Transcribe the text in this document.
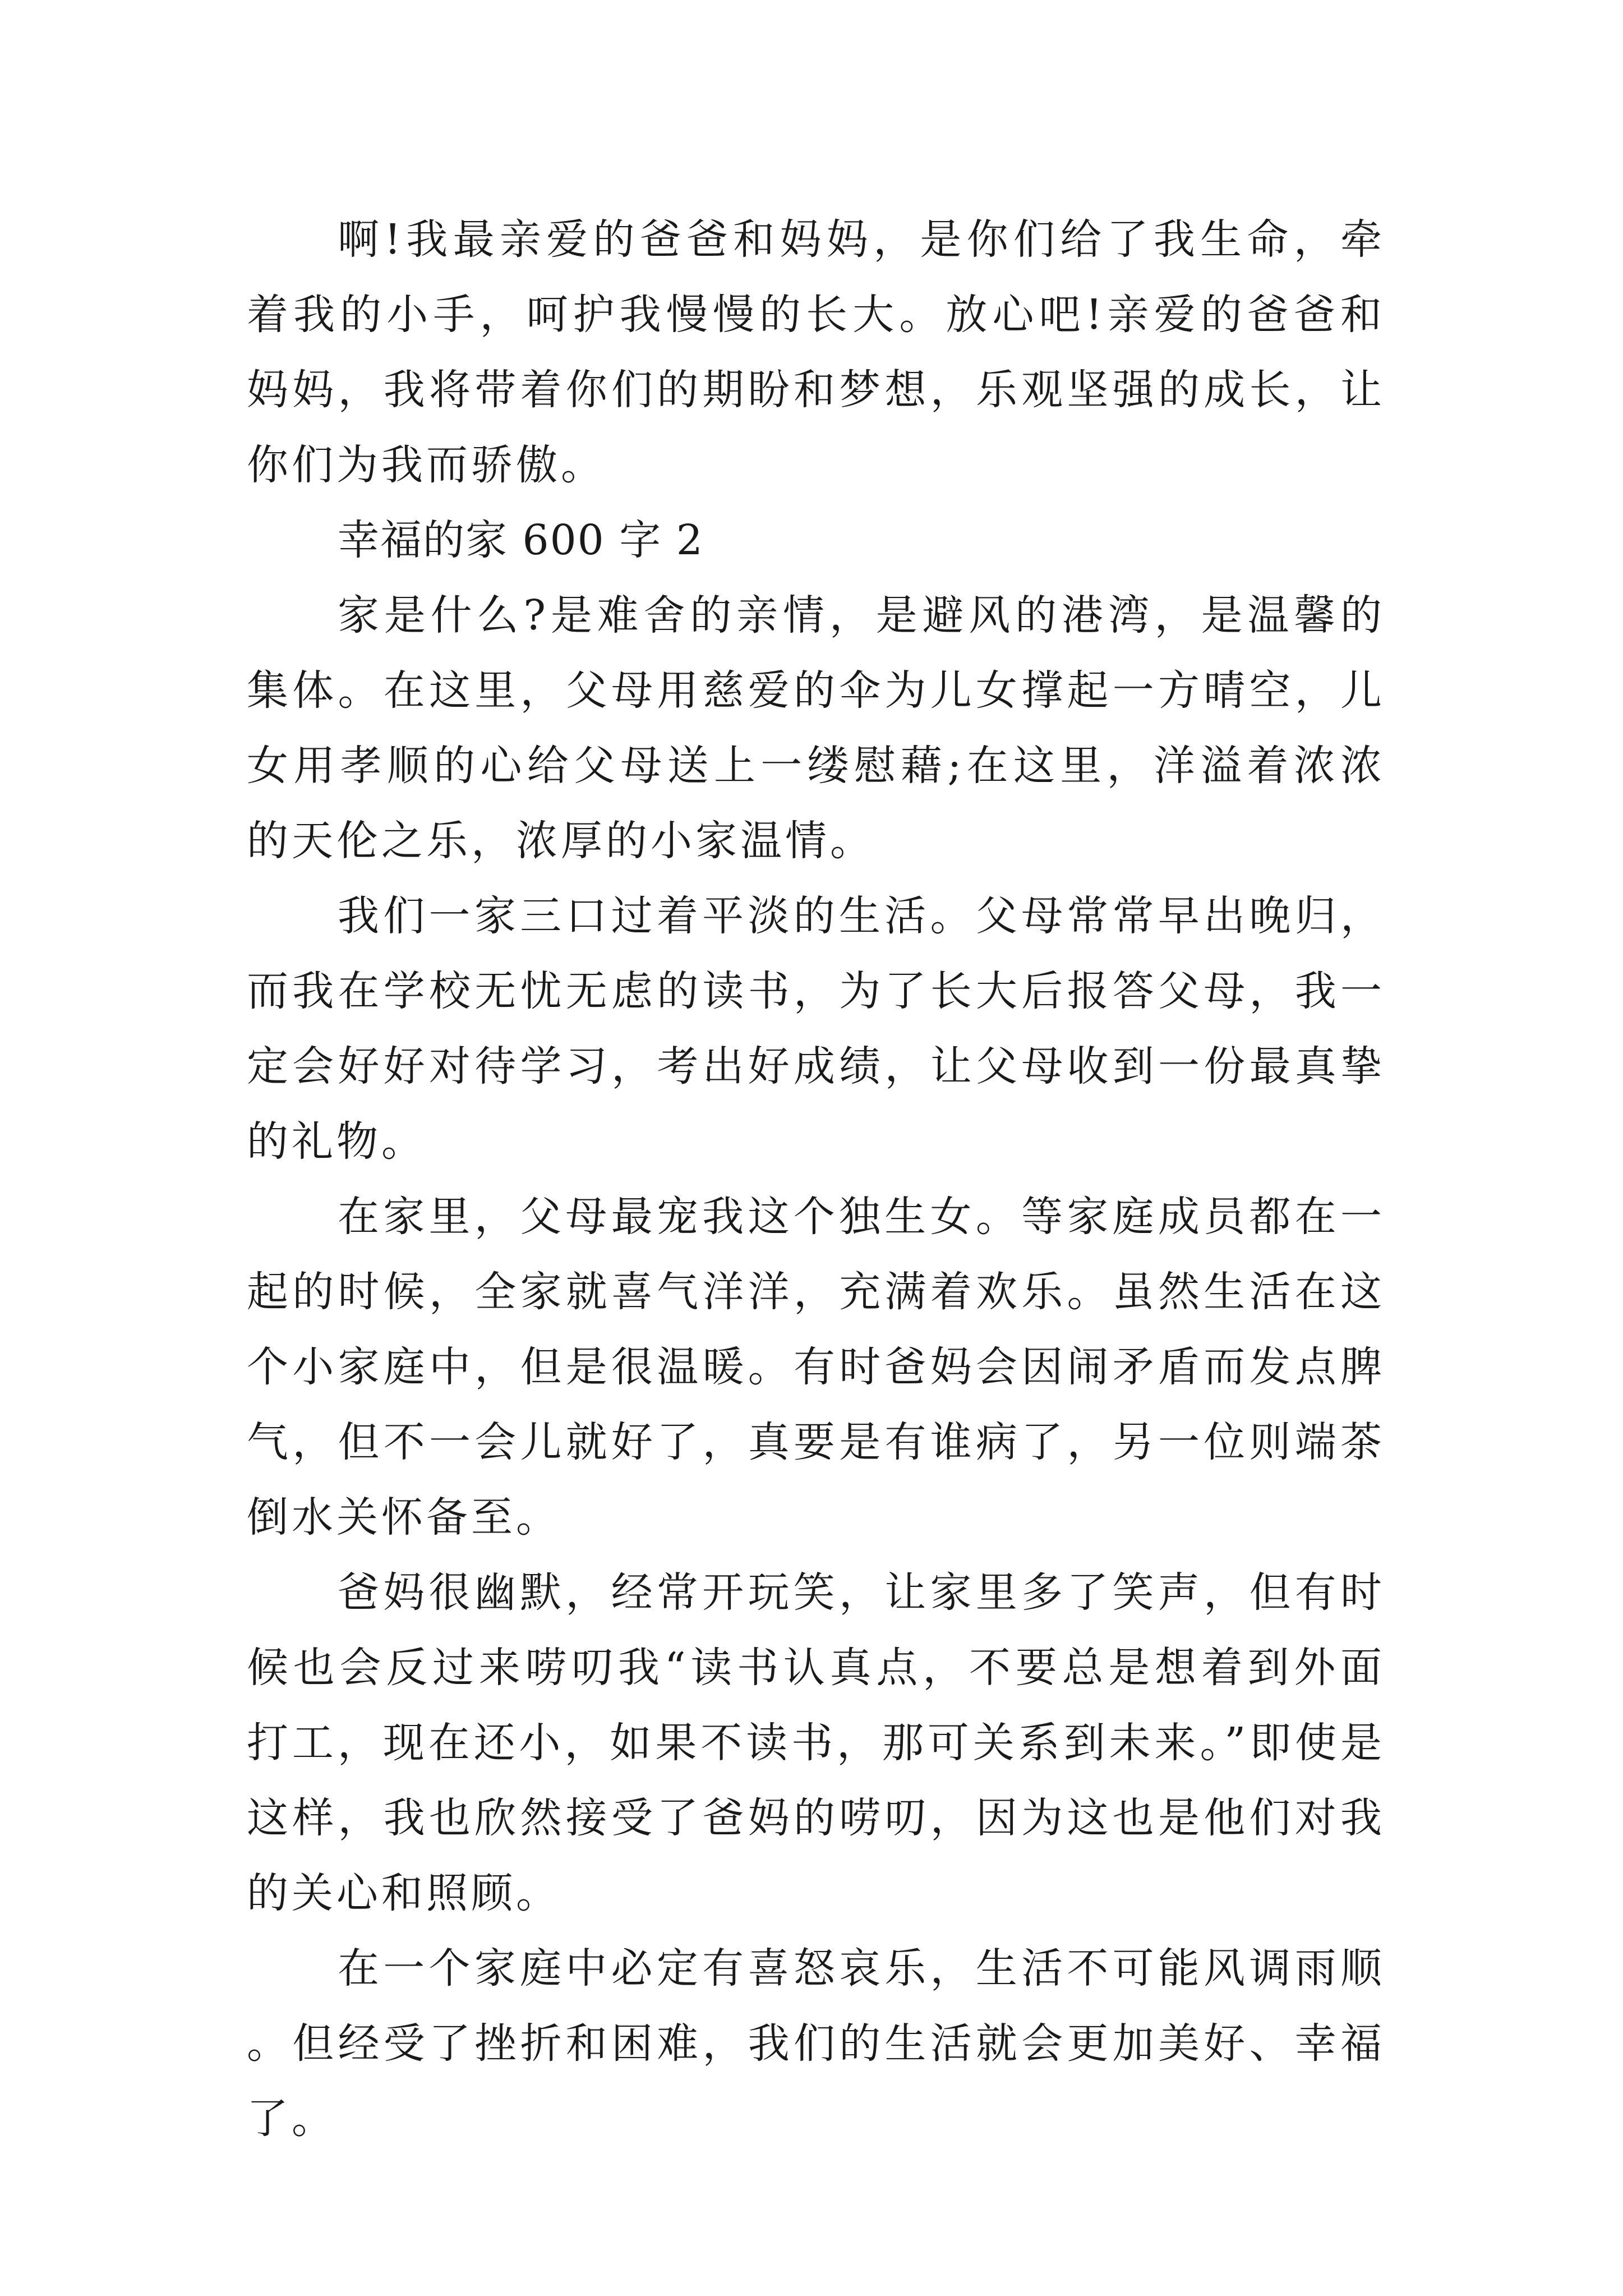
啊!我最亲爱的爸爸和妈妈，是你们给了我生命，牵着我的小手，呵护我慢慢的长大。放心吧!亲爱的爸爸和妈妈，我将带着你们的期盼和梦想，乐观坚强的成长，让你们为我而骄傲。

幸福的家 600 字 2

家是什么?是难舍的亲情，是避风的港湾，是温馨的集体。在这里，父母用慈爱的伞为儿女撑起一方晴空，儿女用孝顺的心给父母送上一缕慰藉;在这里，洋溢着浓浓的天伦之乐，浓厚的小家温情。

我们一家三口过着平淡的生活。父母常常早出晚归，而我在学校无忧无虑的读书，为了长大后报答父母，我一定会好好对待学习，考出好成绩，让父母收到一份最真挚的礼物。

在家里，父母最宠我这个独生女。等家庭成员都在一起的时候，全家就喜气洋洋，充满着欢乐。虽然生活在这个小家庭中，但是很温暖。有时爸妈会因闹矛盾而发点脾气，但不一会儿就好了，真要是有谁病了，另一位则端茶倒水关怀备至。

爸妈很幽默，经常开玩笑，让家里多了笑声，但有时候也会反过来唠叨我“读书认真点，不要总是想着到外面打工，现在还小，如果不读书，那可关系到未来。”即使是这样，我也欣然接受了爸妈的唠叨，因为这也是他们对我的关心和照顾。

在一个家庭中必定有喜怒哀乐，生活不可能风调雨顺。但经受了挫折和困难，我们的生活就会更加美好、幸福了。
